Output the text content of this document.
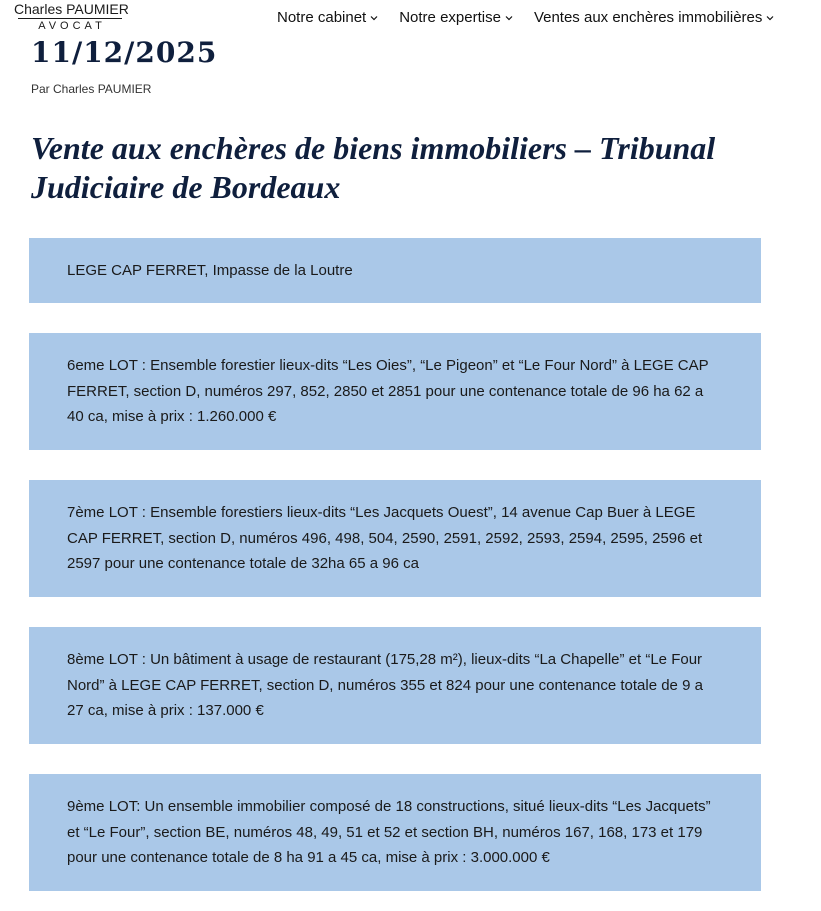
Charles PAUMIER
AVOCAT	Notre cabinet Notre expertise Ventes aux enchères immobilières
11/12/2025
Par Charles PAUMIER
Vente aux enchères de biens immobiliers – Tribunal Judiciaire de Bordeaux
LEGE CAP FERRET, Impasse de la Loutre
6eme LOT : Ensemble forestier lieux-dits “Les Oies”, “Le Pigeon” et “Le Four Nord” à LEGE CAP FERRET, section D, numéros 297, 852, 2850 et 2851 pour une contenance totale de 96 ha 62 a 40 ca, mise à prix : 1.260.000 €
7ème LOT : Ensemble forestiers lieux-dits “Les Jacquets Ouest”, 14 avenue Cap Buer à LEGE CAP FERRET, section D, numéros 496, 498, 504, 2590, 2591, 2592, 2593, 2594, 2595, 2596 et 2597 pour une contenance totale de 32ha 65 a 96 ca
8ème LOT : Un bâtiment à usage de restaurant (175,28 m²), lieux-dits “La Chapelle” et “Le Four Nord” à LEGE CAP FERRET, section D, numéros 355 et 824 pour une contenance totale de 9 a 27 ca, mise à prix : 137.000 €
9ème LOT: Un ensemble immobilier composé de 18 constructions, situé lieux-dits “Les Jacquets” et “Le Four”, section BE, numéros 48, 49, 51 et 52 et section BH, numéros 167, 168, 173 et 179 pour une contenance totale de 8 ha 91 a 45 ca, mise à prix : 3.000.000 €
